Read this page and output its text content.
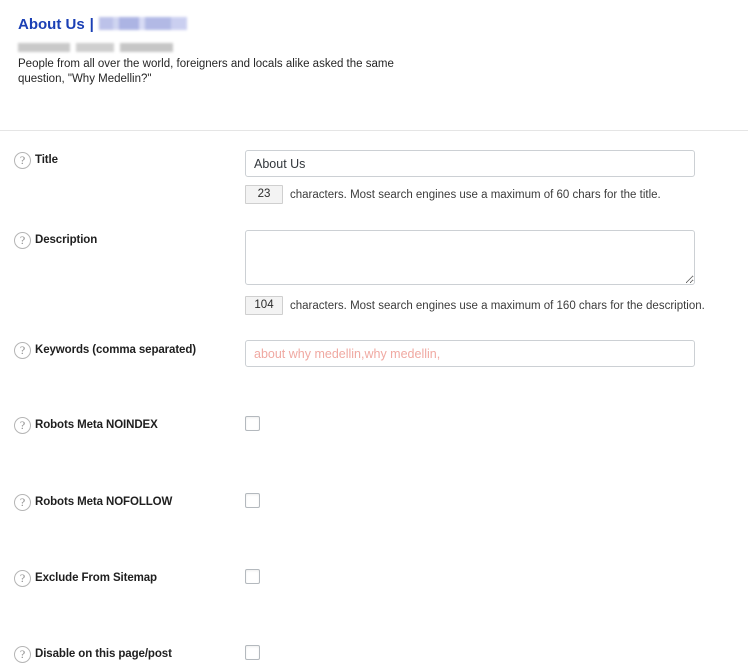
About Us |
People from all over the world, foreigners and locals alike asked the same question, "Why Medellin?"
? Title
About Us
23	characters. Most search engines use a maximum of 60 chars for the title.
? Description
104	characters. Most search engines use a maximum of 160 chars for the description.
? Keywords (comma separated)
about why medellin,why medellin,
? Robots Meta NOINDEX
? Robots Meta NOFOLLOW
? Exclude From Sitemap
? Disable on this page/post
